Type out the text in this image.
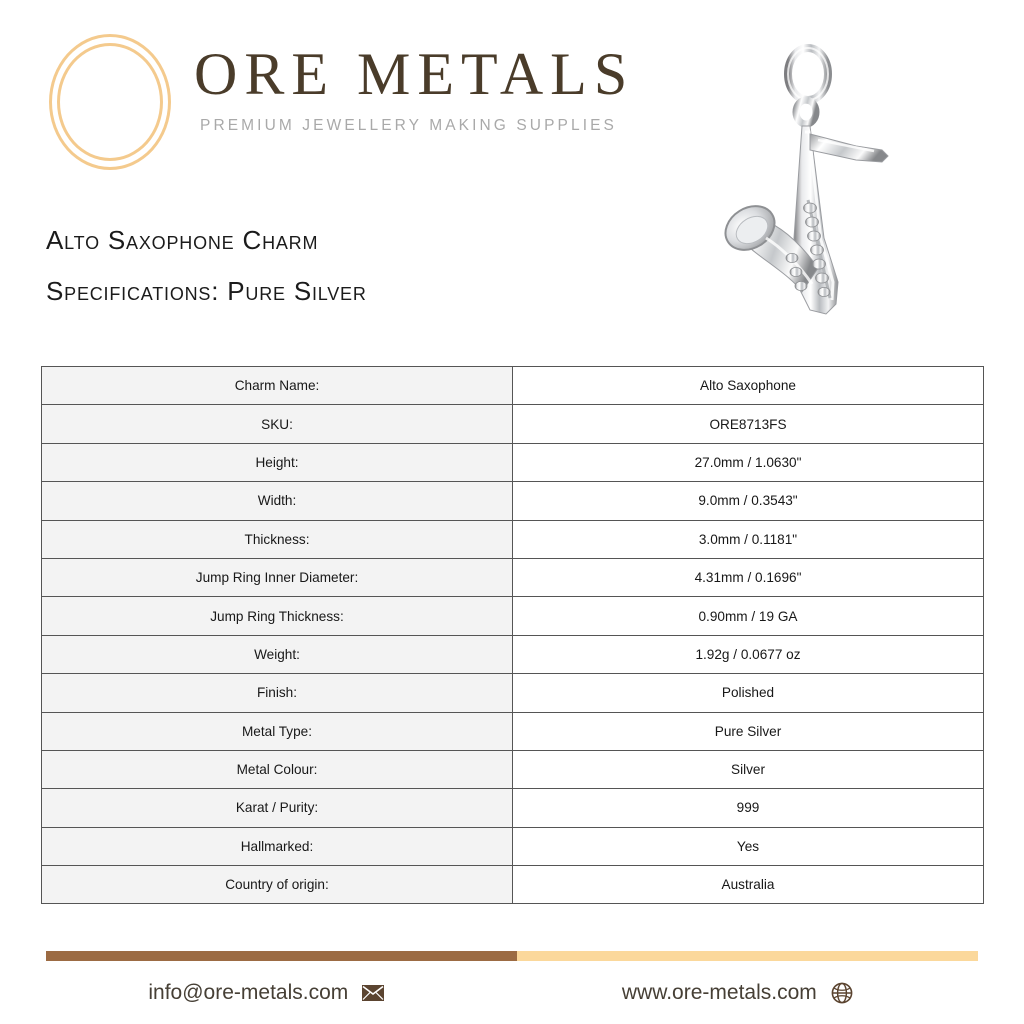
ORE METALS
PREMIUM JEWELLERY MAKING SUPPLIES
Alto Saxophone Charm
Specifications: Pure Silver
Charm Name:	Alto Saxophone
SKU:	ORE8713FS
Height:	27.0mm / 1.0630"
Width:	9.0mm / 0.3543"
Thickness:	3.0mm / 0.1181"
Jump Ring Inner Diameter:	4.31mm / 0.1696"
Jump Ring Thickness:	0.90mm / 19 GA
Weight:	1.92g / 0.0677 oz
Finish:	Polished
Metal Type:	Pure Silver
Metal Colour:	Silver
Karat / Purity:	999
Hallmarked:	Yes
Country of origin:	Australia
info@ore-metals.com	www.ore-metals.com
